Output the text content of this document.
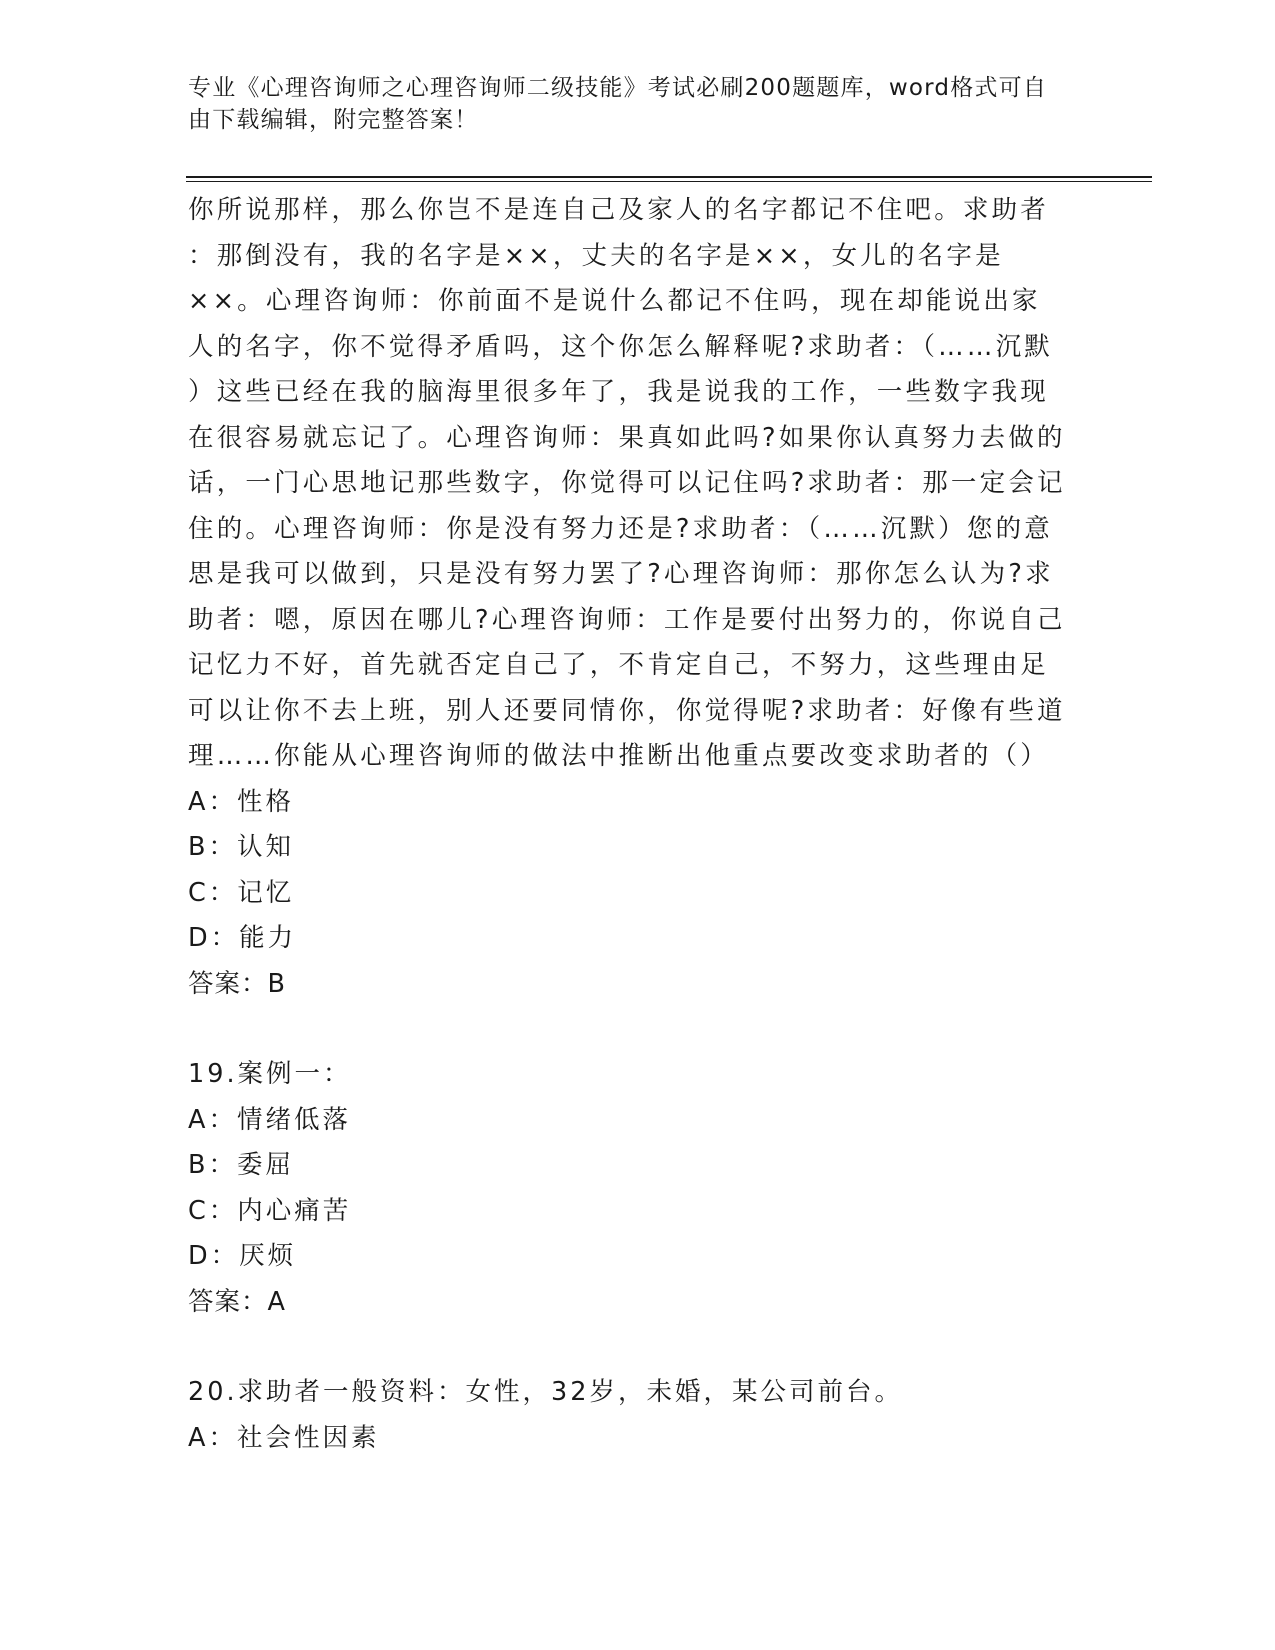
专业《心理咨询师之心理咨询师二级技能》考试必刷200题题库，word格式可自由下载编辑，附完整答案！

你所说那样，那么你岂不是连自己及家人的名字都记不住吧。求助者

：那倒没有，我的名字是××，丈夫的名字是××，女儿的名字是

××。心理咨询师：你前面不是说什么都记不住吗，现在却能说出家

人的名字，你不觉得矛盾吗，这个你怎么解释呢?求助者：（……沉默

）这些已经在我的脑海里很多年了，我是说我的工作，一些数字我现

在很容易就忘记了。心理咨询师：果真如此吗?如果你认真努力去做的

话，一门心思地记那些数字，你觉得可以记住吗?求助者：那一定会记

住的。心理咨询师：你是没有努力还是?求助者：（……沉默）您的意

思是我可以做到，只是没有努力罢了?心理咨询师：那你怎么认为?求

助者：嗯，原因在哪儿?心理咨询师：工作是要付出努力的，你说自己

记忆力不好，首先就否定自己了，不肯定自己，不努力，这些理由足

可以让你不去上班，别人还要同情你，你觉得呢?求助者：好像有些道

理……你能从心理咨询师的做法中推断出他重点要改变求助者的（）

A：性格

B：认知

C：记忆

D：能力

答案：B

19.案例一：

A：情绪低落

B：委屈

C：内心痛苦

D：厌烦

答案：A

20.求助者一般资料：女性，32岁，未婚，某公司前台。

A：社会性因素
